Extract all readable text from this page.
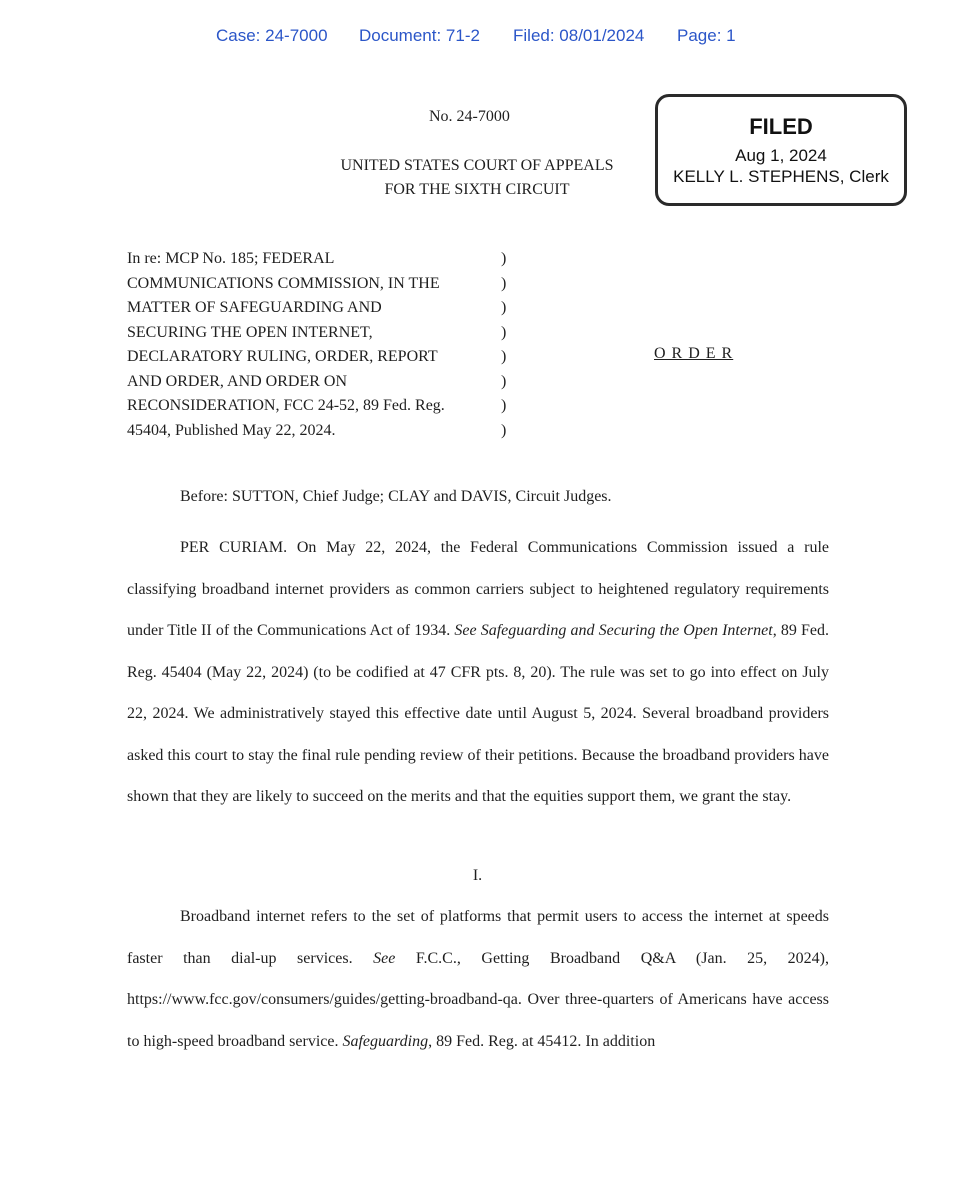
Case: 24-7000 Document: 71-2 Filed: 08/01/2024 Page: 1
FILED
Aug 1, 2024
KELLY L. STEPHENS, Clerk
No. 24-7000
UNITED STATES COURT OF APPEALS
FOR THE SIXTH CIRCUIT
In re: MCP No. 185; FEDERAL
COMMUNICATIONS COMMISSION, IN THE
MATTER OF SAFEGUARDING AND
SECURING THE OPEN INTERNET,
DECLARATORY RULING, ORDER, REPORT
AND ORDER, AND ORDER ON
RECONSIDERATION, FCC 24-52, 89 Fed. Reg.
45404, Published May 22, 2024.
)
)
)
)
)
)
)
)
O R D E R
Before: SUTTON, Chief Judge; CLAY and DAVIS, Circuit Judges.
PER CURIAM. On May 22, 2024, the Federal Communications Commission issued a rule classifying broadband internet providers as common carriers subject to heightened regulatory requirements under Title II of the Communications Act of 1934. See Safeguarding and Securing the Open Internet, 89 Fed. Reg. 45404 (May 22, 2024) (to be codified at 47 CFR pts. 8, 20). The rule was set to go into effect on July 22, 2024. We administratively stayed this effective date until August 5, 2024. Several broadband providers asked this court to stay the final rule pending review of their petitions. Because the broadband providers have shown that they are likely to succeed on the merits and that the equities support them, we grant the stay.
I.
Broadband internet refers to the set of platforms that permit users to access the internet at speeds faster than dial-up services. See F.C.C., Getting Broadband Q&A (Jan. 25, 2024), https://www.fcc.gov/consumers/guides/getting-broadband-qa. Over three-quarters of Americans have access to high-speed broadband service. Safeguarding, 89 Fed. Reg. at 45412. In addition
